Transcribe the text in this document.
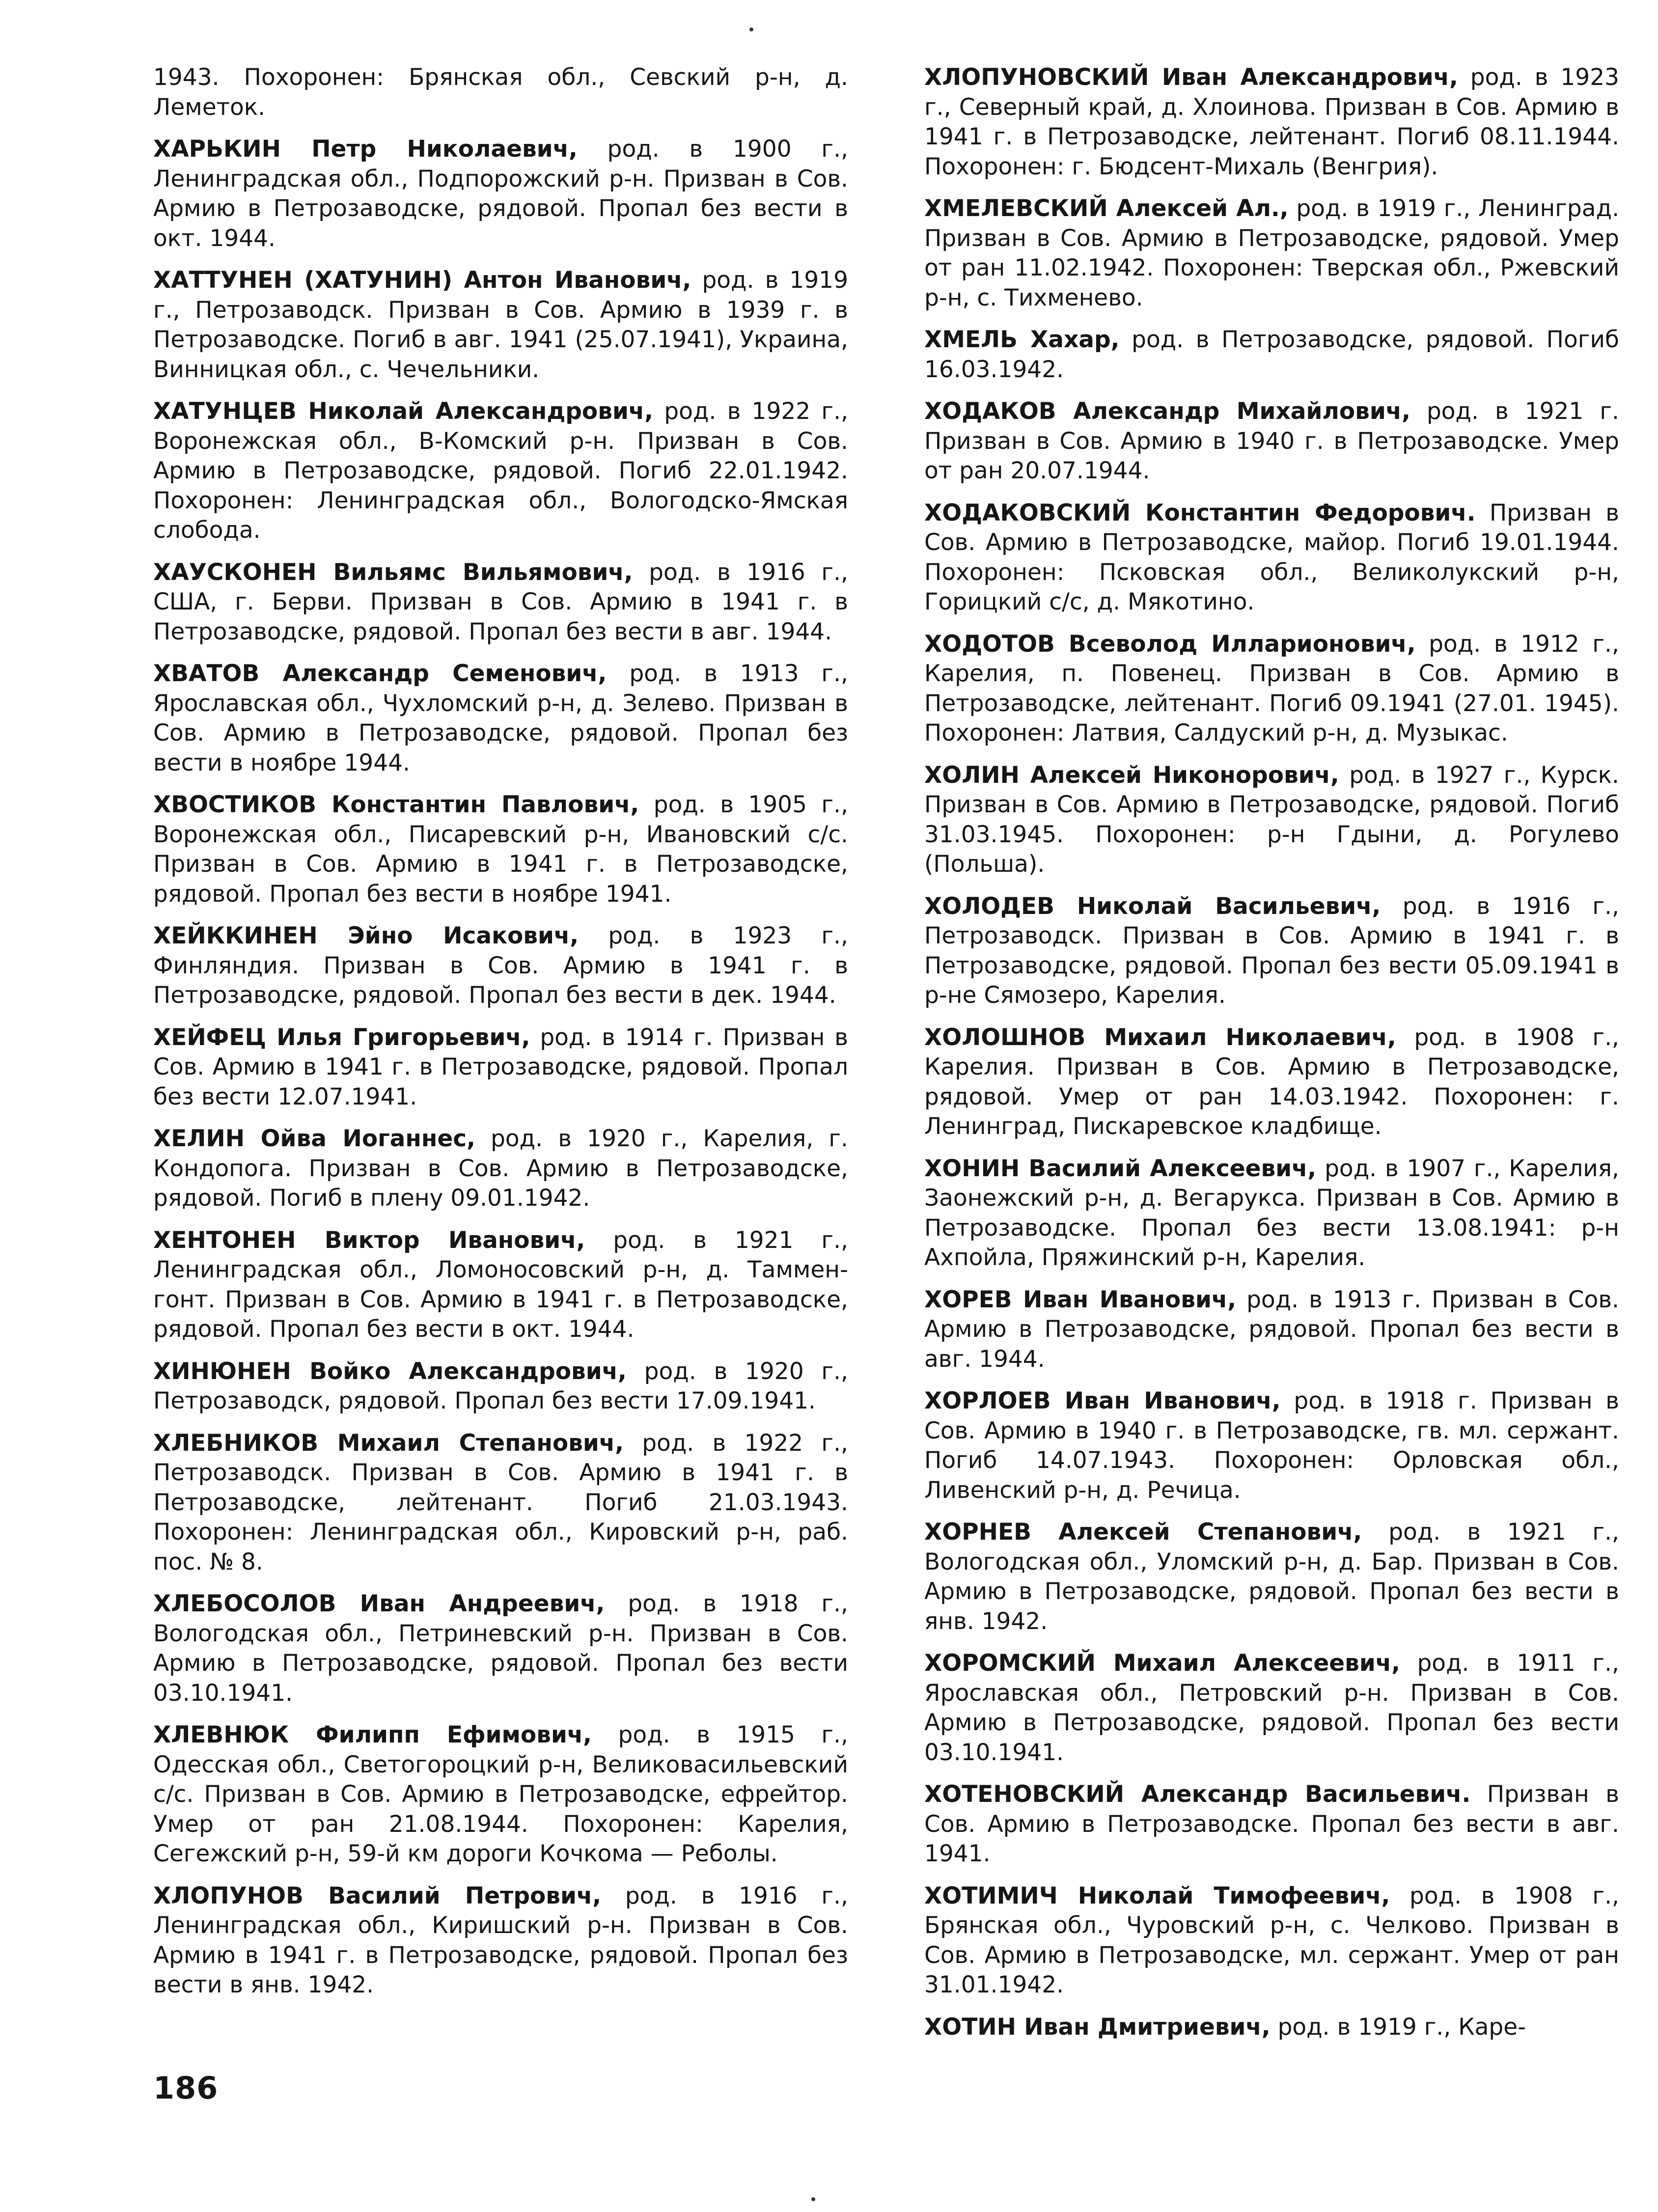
1943. Похоронен: Брянская обл., Севский р-н, д. Леметок.

ХАРЬКИН Петр Николаевич, род. в 1900 г., Ленинградская обл., Подпорожский р-н. Призван в Сов. Армию в Петрозаводске, рядовой. Пропал без вести в окт. 1944.

ХАТТУНЕН (ХАТУНИН) Антон Иванович, род. в 1919 г., Петрозаводск. Призван в Сов. Армию в 1939 г. в Петрозаводске. Погиб в авг. 1941 (25.07.1941), Украина, Винницкая обл., с. Чечельники.

ХАТУНЦЕВ Николай Александрович, род. в 1922 г., Воронежская обл., В-Комский р-н. Призван в Сов. Армию в Петрозаводске, рядовой. Погиб 22.01.1942. Похоронен: Ленинградская обл., Вологодско-Ямская слобода.

ХАУСКОНЕН Вильямс Вильямович, род. в 1916 г., США, г. Берви. Призван в Сов. Армию в 1941 г. в Петрозаводске, рядовой. Пропал без вести в авг. 1944.

ХВАТОВ Александр Семенович, род. в 1913 г., Ярославская обл., Чухломский р-н, д. Зелево. Призван в Сов. Армию в Петрозаводске, рядовой. Пропал без вести в ноябре 1944.

ХВОСТИКОВ Константин Павлович, род. в 1905 г., Воронежская обл., Писаревский р-н, Ивановский с/с. Призван в Сов. Армию в 1941 г. в Петрозаводске, рядовой. Пропал без вести в ноябре 1941.

ХЕЙККИНЕН Эйно Исакович, род. в 1923 г., Финляндия. Призван в Сов. Армию в 1941 г. в Петрозаводске, рядовой. Пропал без вести в дек. 1944.

ХЕЙФЕЦ Илья Григорьевич, род. в 1914 г. Призван в Сов. Армию в 1941 г. в Петрозаводске, рядовой. Пропал без вести 12.07.1941.

ХЕЛИН Ойва Иоганнес, род. в 1920 г., Карелия, г. Кондопога. Призван в Сов. Армию в Петрозаводске, рядовой. Погиб в плену 09.01.1942.

ХЕНТОНЕН Виктор Иванович, род. в 1921 г., Ленинградская обл., Ломоносовский р-н, д. Тамменгонт. Призван в Сов. Армию в 1941 г. в Петрозаводске, рядовой. Пропал без вести в окт. 1944.

ХИНЮНЕН Войко Александрович, род. в 1920 г., Петрозаводск, рядовой. Пропал без вести 17.09.1941.

ХЛЕБНИКОВ Михаил Степанович, род. в 1922 г., Петрозаводск. Призван в Сов. Армию в 1941 г. в Петрозаводске, лейтенант. Погиб 21.03.1943. Похоронен: Ленинградская обл., Кировский р-н, раб. пос. № 8.

ХЛЕБОСОЛОВ Иван Андреевич, род. в 1918 г., Вологодская обл., Петриневский р-н. Призван в Сов. Армию в Петрозаводске, рядовой. Пропал без вести 03.10.1941.

ХЛЕВНЮК Филипп Ефимович, род. в 1915 г., Одесская обл., Светогороцкий р-н, Великовасильевский с/с. Призван в Сов. Армию в Петрозаводске, ефрейтор. Умер от ран 21.08.1944. Похоронен: Карелия, Сегежский р-н, 59-й км дороги Кочкома — Реболы.

ХЛОПУНОВ Василий Петрович, род. в 1916 г., Ленинградская обл., Киришский р-н. Призван в Сов. Армию в 1941 г. в Петрозаводске, рядовой. Пропал без вести в янв. 1942.

ХЛОПУНОВСКИЙ Иван Александрович, род. в 1923 г., Северный край, д. Хлоинова. Призван в Сов. Армию в 1941 г. в Петрозаводске, лейтенант. Погиб 08.11.1944. Похоронен: г. Бюдсент-Михаль (Венгрия).

ХМЕЛЕВСКИЙ Алексей Ал., род. в 1919 г., Ленинград. Призван в Сов. Армию в Петрозаводске, рядовой. Умер от ран 11.02.1942. Похоронен: Тверская обл., Ржевский р-н, с. Тихменево.

ХМЕЛЬ Хахар, род. в Петрозаводске, рядовой. Погиб 16.03.1942.

ХОДАКОВ Александр Михайлович, род. в 1921 г. Призван в Сов. Армию в 1940 г. в Петрозаводске. Умер от ран 20.07.1944.

ХОДАКОВСКИЙ Константин Федорович. Призван в Сов. Армию в Петрозаводске, майор. Погиб 19.01.1944. Похоронен: Псковская обл., Великолукский р-н, Горицкий с/с, д. Мякотино.

ХОДОТОВ Всеволод Илларионович, род. в 1912 г., Карелия, п. Повенец. Призван в Сов. Армию в Петрозаводске, лейтенант. Погиб 09.1941 (27.01. 1945). Похоронен: Латвия, Салдуский р-н, д. Музыкас.

ХОЛИН Алексей Никонорович, род. в 1927 г., Курск. Призван в Сов. Армию в Петрозаводске, рядовой. Погиб 31.03.1945. Похоронен: р-н Гдыни, д. Рогулево (Польша).

ХОЛОДЕВ Николай Васильевич, род. в 1916 г., Петрозаводск. Призван в Сов. Армию в 1941 г. в Петрозаводске, рядовой. Пропал без вести 05.09.1941 в р-не Сямозеро, Карелия.

ХОЛОШНОВ Михаил Николаевич, род. в 1908 г., Карелия. Призван в Сов. Армию в Петрозаводске, рядовой. Умер от ран 14.03.1942. Похоронен: г. Ленинград, Пискаревское кладбище.

ХОНИН Василий Алексеевич, род. в 1907 г., Карелия, Заонежский р-н, д. Вегарукса. Призван в Сов. Армию в Петрозаводске. Пропал без вести 13.08.1941: р-н Ахпойла, Пряжинский р-н, Карелия.

ХОРЕВ Иван Иванович, род. в 1913 г. Призван в Сов. Армию в Петрозаводске, рядовой. Пропал без вести в авг. 1944.

ХОРЛОЕВ Иван Иванович, род. в 1918 г. Призван в Сов. Армию в 1940 г. в Петрозаводске, гв. мл. сержант. Погиб 14.07.1943. Похоронен: Орловская обл., Ливенский р-н, д. Речица.

ХОРНЕВ Алексей Степанович, род. в 1921 г., Вологодская обл., Уломский р-н, д. Бар. Призван в Сов. Армию в Петрозаводске, рядовой. Пропал без вести в янв. 1942.

ХОРОМСКИЙ Михаил Алексеевич, род. в 1911 г., Ярославская обл., Петровский р-н. Призван в Сов. Армию в Петрозаводске, рядовой. Пропал без вести 03.10.1941.

ХОТЕНОВСКИЙ Александр Васильевич. Призван в Сов. Армию в Петрозаводске. Пропал без вести в авг. 1941.

ХОТИМИЧ Николай Тимофеевич, род. в 1908 г., Брянская обл., Чуровский р-н, с. Челково. Призван в Сов. Армию в Петрозаводске, мл. сержант. Умер от ран 31.01.1942.

ХОТИН Иван Дмитриевич, род. в 1919 г., Каре-

186
